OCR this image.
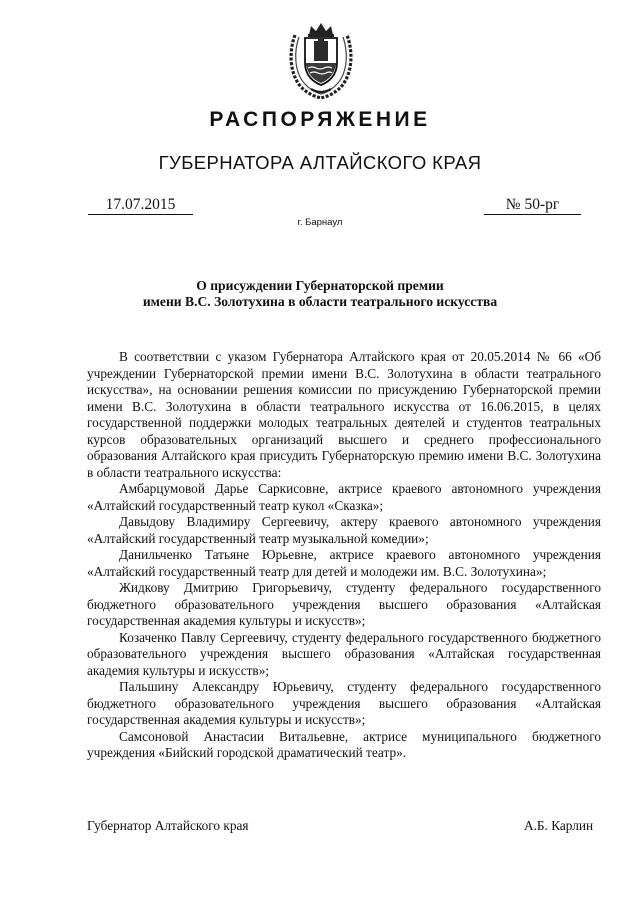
РАСПОРЯЖЕНИЕ
ГУБЕРНАТОРА АЛТАЙСКОГО КРАЯ
17.07.2015	№ 50-рг
г. Барнаул
О присуждении Губернаторской премии
имени В.С. Золотухина в области театрального искусства

В соответствии с указом Губернатора Алтайского края от 20.05.2014 № 66 «Об учреждении Губернаторской премии имени В.С. Золотухина в области театрального искусства», на основании решения комиссии по присуждению Губернаторской премии имени В.С. Золотухина в области театрального искусства от 16.06.2015, в целях государственной поддержки молодых театральных деятелей и студентов театральных курсов образовательных организаций высшего и среднего профессионального образования Алтайского края присудить Губернаторскую премию имени В.С. Золотухина в области театрального искусства:

Амбарцумовой Дарье Саркисовне, актрисе краевого автономного учреждения «Алтайский государственный театр кукол «Сказка»;

Давыдову Владимиру Сергеевичу, актеру краевого автономного учреждения «Алтайский государственный театр музыкальной комедии»;

Данильченко Татьяне Юрьевне, актрисе краевого автономного учреждения «Алтайский государственный театр для детей и молодежи им. В.С. Золотухина»;

Жидкову Дмитрию Григорьевичу, студенту федерального государственного бюджетного образовательного учреждения высшего образования «Алтайская государственная академия культуры и искусств»;

Козаченко Павлу Сергеевичу, студенту федерального государственного бюджетного образовательного учреждения высшего образования «Алтайская государственная академия культуры и искусств»;

Пальшину Александру Юрьевичу, студенту федерального государственного бюджетного образовательного учреждения высшего образования «Алтайская государственная академия культуры и искусств»;

Самсоновой Анастасии Витальевне, актрисе муниципального бюджетного учреждения «Бийский городской драматический театр».

Губернатор Алтайского края	А.Б. Карлин
